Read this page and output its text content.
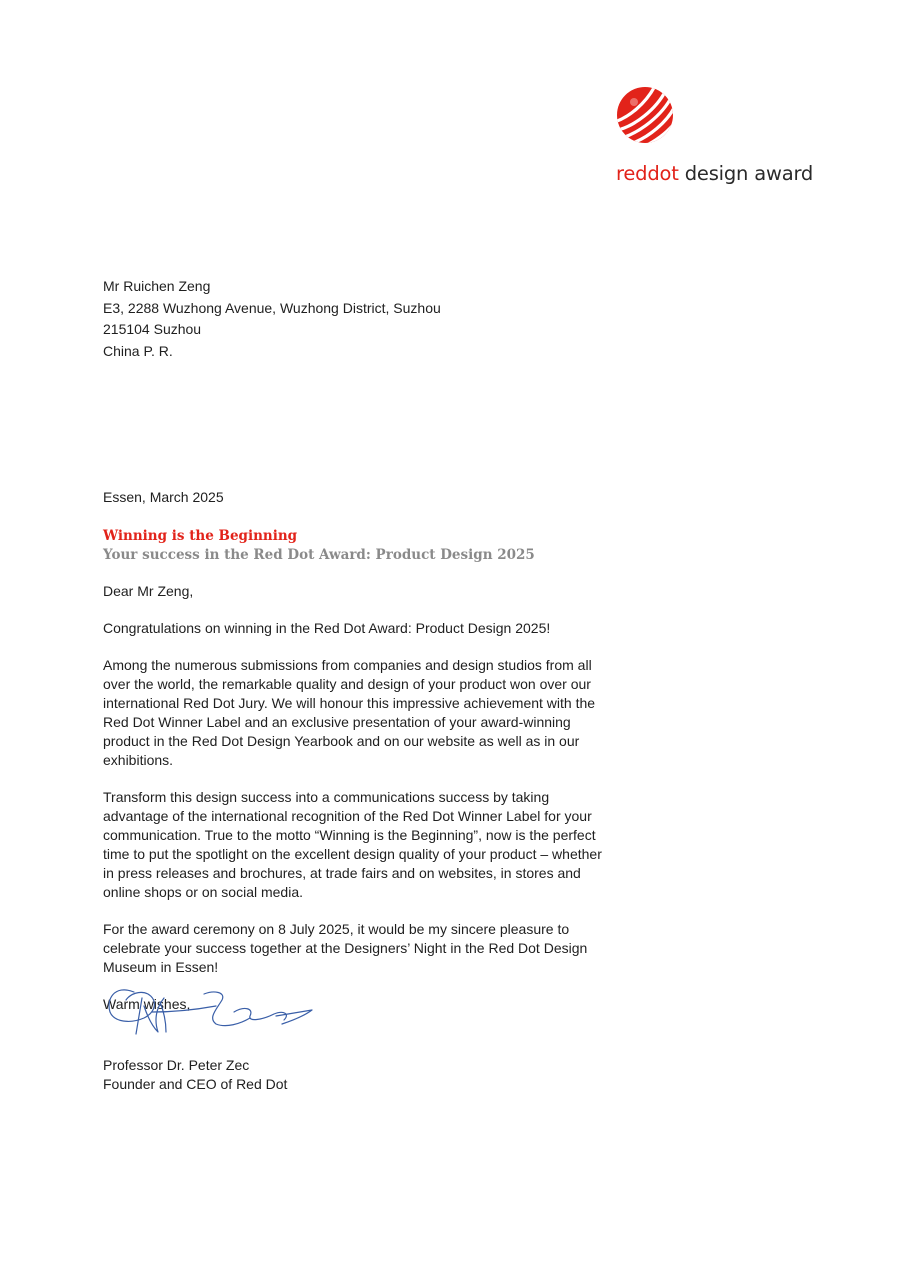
reddot design award
Mr Ruichen Zeng
E3, 2288 Wuzhong Avenue, Wuzhong District, Suzhou
215104 Suzhou
China P. R.
Essen, March 2025
Winning is the Beginning
Your success in the Red Dot Award: Product Design 2025

Dear Mr Zeng,

Congratulations on winning in the Red Dot Award: Product Design 2025!

Among the numerous submissions from companies and design studios from all over the world, the remarkable quality and design of your product won over our international Red Dot Jury. We will honour this impressive achievement with the Red Dot Winner Label and an exclusive presentation of your award-winning product in the Red Dot Design Yearbook and on our website as well as in our exhibitions.

Transform this design success into a communications success by taking advantage of the international recognition of the Red Dot Winner Label for your communication. True to the motto “Winning is the Beginning”, now is the perfect time to put the spotlight on the excellent design quality of your product – whether in press releases and brochures, at trade fairs and on websites, in stores and online shops or on social media.

For the award ceremony on 8 July 2025, it would be my sincere pleasure to celebrate your success together at the Designers’ Night in the Red Dot Design Museum in Essen!

Warm wishes,

Professor Dr. Peter Zec
Founder and CEO of Red Dot
